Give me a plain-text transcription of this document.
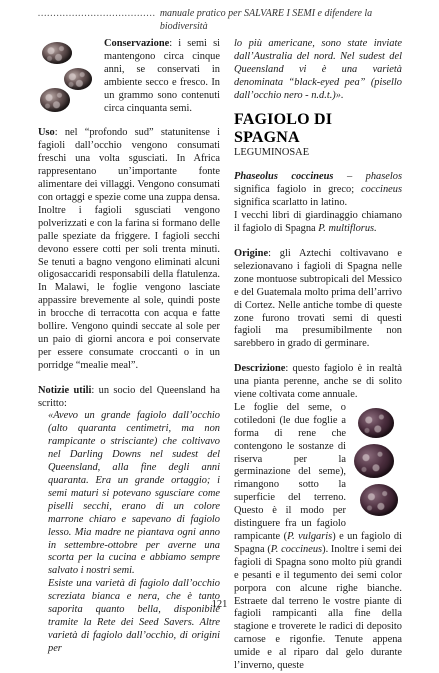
...................................... manuale pratico per SALVARE I SEMI e difendere la biodiversità

Conservazione: i semi si mantengono circa cinque anni, se conservati in ambiente secco e fresco. In un grammo sono contenuti circa cinquanta semi.

Uso: nel “profondo sud” statunitense i fagioli dall’occhio vengono consumati freschi una volta sgusciati. In Africa rappresentano un’importante fonte alimentare dei villaggi. Vengono consumati con ortaggi e spezie come una zuppa densa. Inoltre i fagioli sgusciati vengono polverizzati e con la farina si formano delle palle speziate da friggere. I fagioli secchi devono essere cotti per soli trenta minuti. Se tenuti a bagno vengono eliminati alcuni oligosaccaridi responsabili della flatulenza. In Malawi, le foglie vengono lasciate appassire brevemente al sole, quindi poste in brocche di terracotta con acqua e fatte bollire. Vengono quindi seccate al sole per un paio di giorni ancora e poi conservate per essere consumate croccanti o in un porridge “mealie meal”.

Notizie utili: un socio del Queensland ha scritto:

«Avevo un grande fagiolo dall’occhio (alto quaranta centimetri, ma non rampicante o strisciante) che coltivavo nel Darling Downs nel sudest del Queensland, alla fine degli anni quaranta. Era un grande ortaggio; i semi maturi si potevano sgusciare come piselli secchi, erano di un colore marrone chiaro e sapevano di fagiolo lesso. Mia madre ne piantava ogni anno in settembre-ottobre per averne una scorta per la cucina e abbiamo sempre salvato i nostri semi.

Esiste una varietà di fagiolo dall’occhio screziata bianca e nera, che è tanto saporita quanto bella, disponibile tramite la Rete dei Seed Savers. Altre varietà di fagiolo dall’occhio, di origini per

lo più americane, sono state inviate dall’Australia del nord. Nel sudest del Queensland vi è una varietà denominata “black-eyed pea” (pisello dall’occhio nero - n.d.t.)».

FAGIOLO DI SPAGNA
LEGUMINOSAE

Phaseolus coccineus – phaselos significa fagiolo in greco; coccineus significa scarlatto in latino.

I vecchi libri di giardinaggio chiamano il fagiolo di Spagna P. multiflorus.

Origine: gli Aztechi coltivavano e selezionavano i fagioli di Spagna nelle zone montuose subtropicali del Messico e del Guatemala molto prima dell’arrivo di Cortez. Nelle antiche tombe di queste zone furono trovati semi di questi fagioli ma presumibilmente non sarebbero in grado di germinare.

Descrizione: questo fagiolo è in realtà una pianta perenne, anche se di solito viene coltivata come annuale.

Le foglie del seme, o cotiledoni (le due foglie a forma di rene che contengono le sostanze di riserva per la germinazione del seme), rimangono sotto la superficie del terreno. Questo è il modo per distinguere fra un fagiolo rampicante (P. vulgaris) e un fagiolo di Spagna (P. coccineus). Inoltre i semi dei fagioli di Spagna sono molto più grandi e pesanti e il tegumento dei semi color porpora con alcune righe bianche. Estraete dal terreno le vostre piante di fagioli rampicanti alla fine della stagione e troverete le radici di deposito carnose e rigonfie. Tenute appena umide e al riparo dal gelo durante l’inverno, queste

121
